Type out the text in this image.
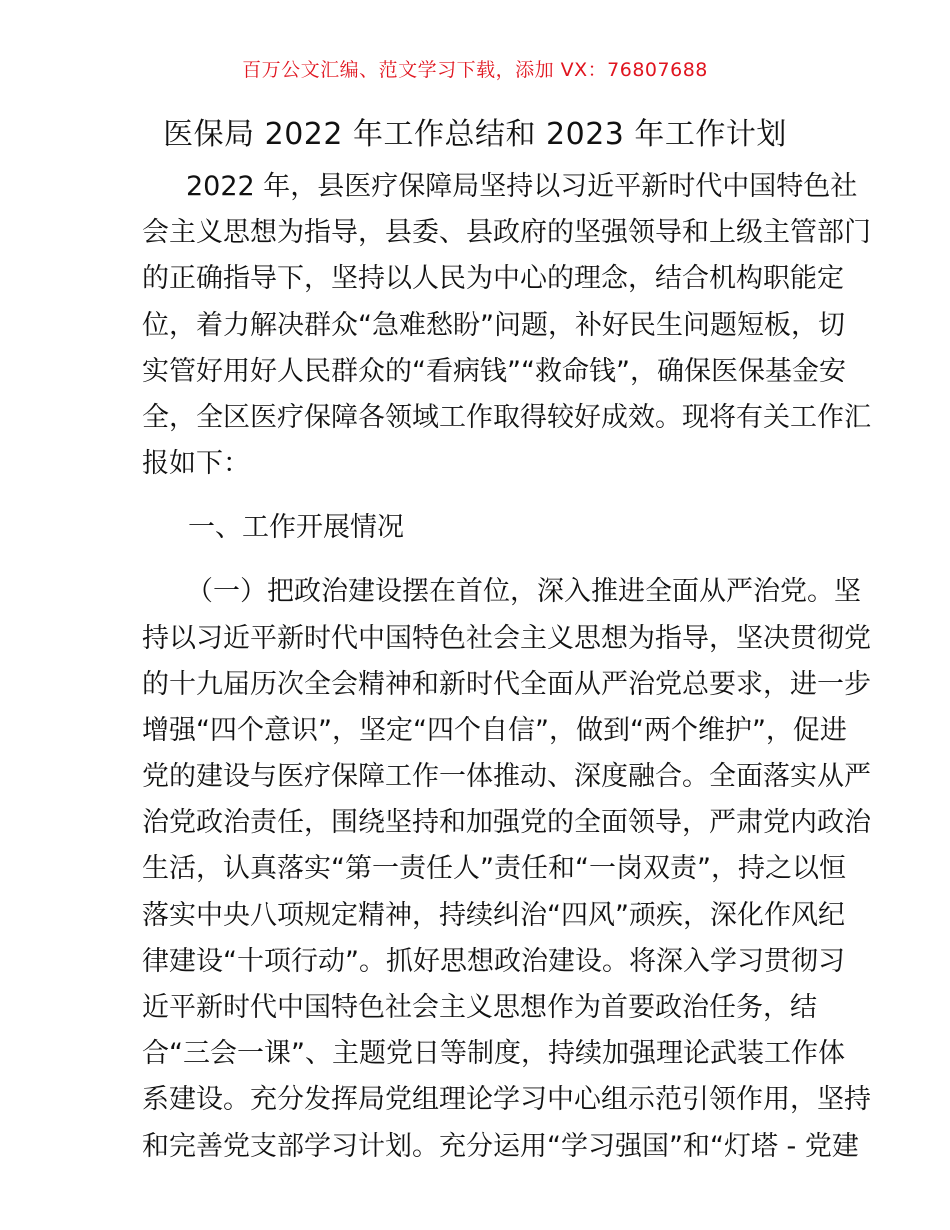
百万公文汇编、范文学习下载，添加 VX：76807688
医保局 2022 年工作总结和 2023 年工作计划
2022 年，县医疗保障局坚持以习近平新时代中国特色社
会主义思想为指导，县委、县政府的坚强领导和上级主管部门
的正确指导下，坚持以人民为中心的理念，结合机构职能定
位，着力解决群众“急难愁盼”问题，补好民生问题短板，切
实管好用好人民群众的“看病钱”“救命钱”，确保医保基金安
全，全区医疗保障各领域工作取得较好成效。现将有关工作汇
报如下：
一、工作开展情况
（一）把政治建设摆在首位，深入推进全面从严治党。坚
持以习近平新时代中国特色社会主义思想为指导，坚决贯彻党
的十九届历次全会精神和新时代全面从严治党总要求，进一步
增强“四个意识”，坚定“四个自信”，做到“两个维护”，促进
党的建设与医疗保障工作一体推动、深度融合。全面落实从严
治党政治责任，围绕坚持和加强党的全面领导，严肃党内政治
生活，认真落实“第一责任人”责任和“一岗双责”，持之以恒
落实中央八项规定精神，持续纠治“四风”顽疾，深化作风纪
律建设“十项行动”。抓好思想政治建设。将深入学习贯彻习
近平新时代中国特色社会主义思想作为首要政治任务，结
合“三会一课”、主题党日等制度，持续加强理论武装工作体
系建设。充分发挥局党组理论学习中心组示范引领作用，坚持
和完善党支部学习计划。充分运用“学习强国”和“灯塔 - 党建
